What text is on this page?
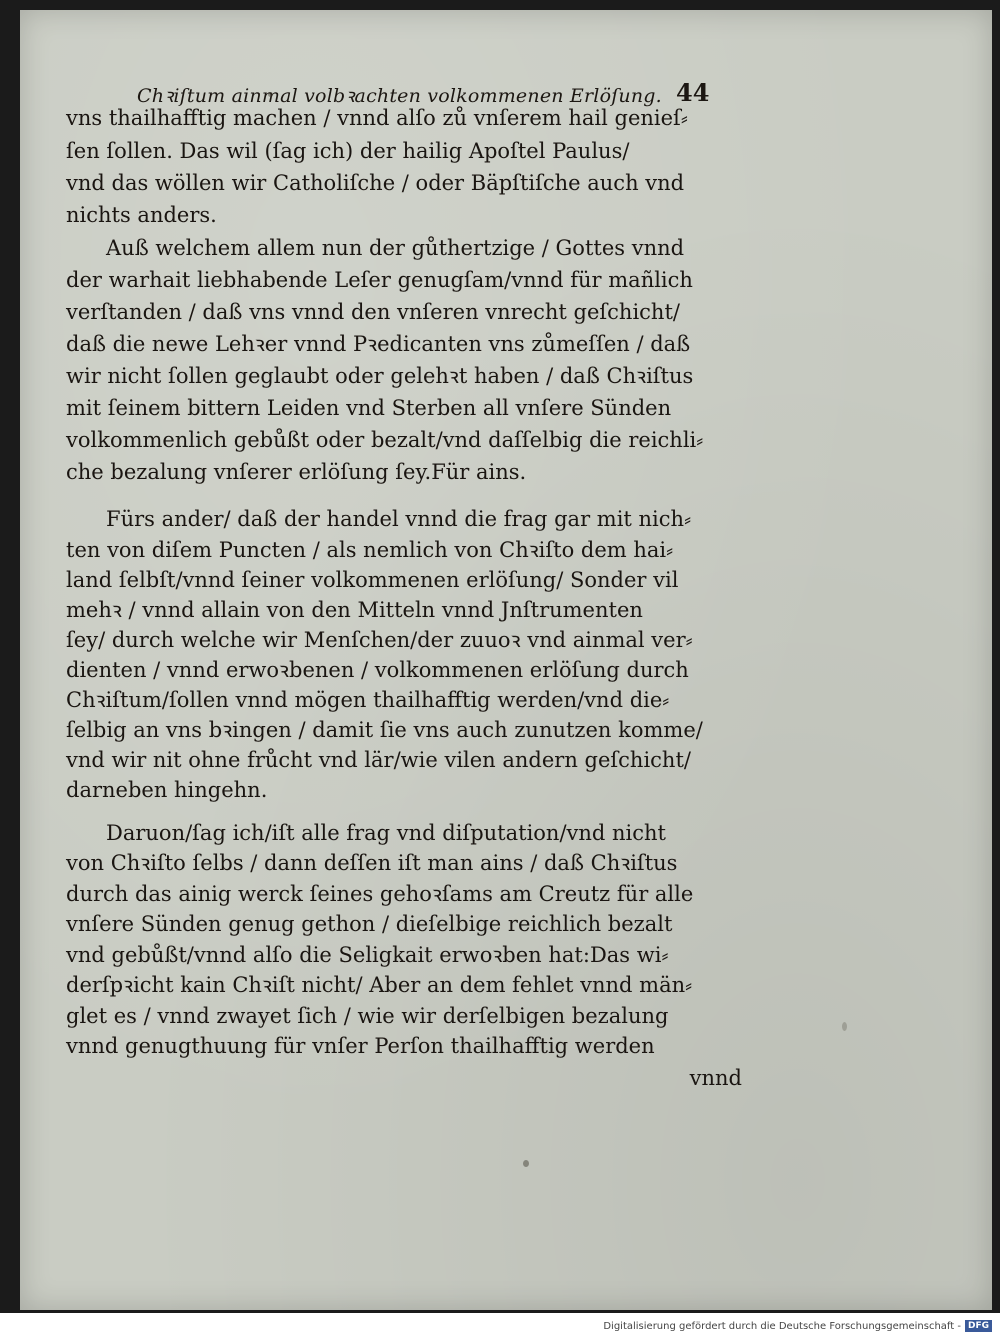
Chꝛiſtum ainmal volbꝛachten volkommenen Erlöſung. 44
vns thailhafftig machen / vnnd alſo zů vnſerem hail genieſ⸗
ſen ſollen. Das wil (ſag ich) der hailig Apoſtel Paulus/
vnd das wöllen wir Catholiſche / oder Bäpſtiſche auch vnd
nichts anders.
Auß welchem allem nun der gůthertzige / Gottes vnnd
der warhait liebhabende Leſer genugſam/vnnd für mañlich
verſtanden / daß vns vnnd den vnſeren vnrecht geſchicht/
daß die newe Lehꝛer vnnd Pꝛedicanten vns zůmeſſen / daß
wir nicht ſollen geglaubt oder gelehꝛt haben / daß Chꝛiſtus
mit ſeinem bittern Leiden vnd Sterben all vnſere Sünden
volkommenlich gebůßt oder bezalt/vnd daſſelbig die reichli⸗
che bezalung vnſerer erlöſung ſey.Für ains.
Fürs ander/ daß der handel vnnd die frag gar mit nich⸗
ten von diſem Puncten / als nemlich von Chꝛiſto dem hai⸗
land ſelbſt/vnnd ſeiner volkommenen erlöſung/ Sonder vil
mehꝛ / vnnd allain von den Mitteln vnnd Jnſtrumenten
ſey/ durch welche wir Menſchen/der zuuoꝛ vnd ainmal ver⸗
dienten / vnnd erwoꝛbenen / volkommenen erlöſung durch
Chꝛiſtum/ſollen vnnd mögen thailhafftig werden/vnd die⸗
ſelbig an vns bꝛingen / damit ſie vns auch zunutzen komme/
vnd wir nit ohne frůcht vnd lär/wie vilen andern geſchicht/
darneben hingehn.
Daruon/ſag ich/iſt alle frag vnd diſputation/vnd nicht
von Chꝛiſto ſelbs / dann deſſen iſt man ains / daß Chꝛiſtus
durch das ainig werck ſeines gehoꝛſams am Creutz für alle
vnſere Sünden genug gethon / dieſelbige reichlich bezalt
vnd gebůßt/vnnd alſo die Seligkait erwoꝛben hat:Das wi⸗
derſpꝛicht kain Chꝛiſt nicht/ Aber an dem fehlet vnnd män⸗
glet es / vnnd zwayet ſich / wie wir derſelbigen bezalung
vnnd genugthuung für vnſer Perſon thailhafftig werden
vnnd
Digitalisierung gefördert durch die Deutsche Forschungsgemeinschaft - DFG
